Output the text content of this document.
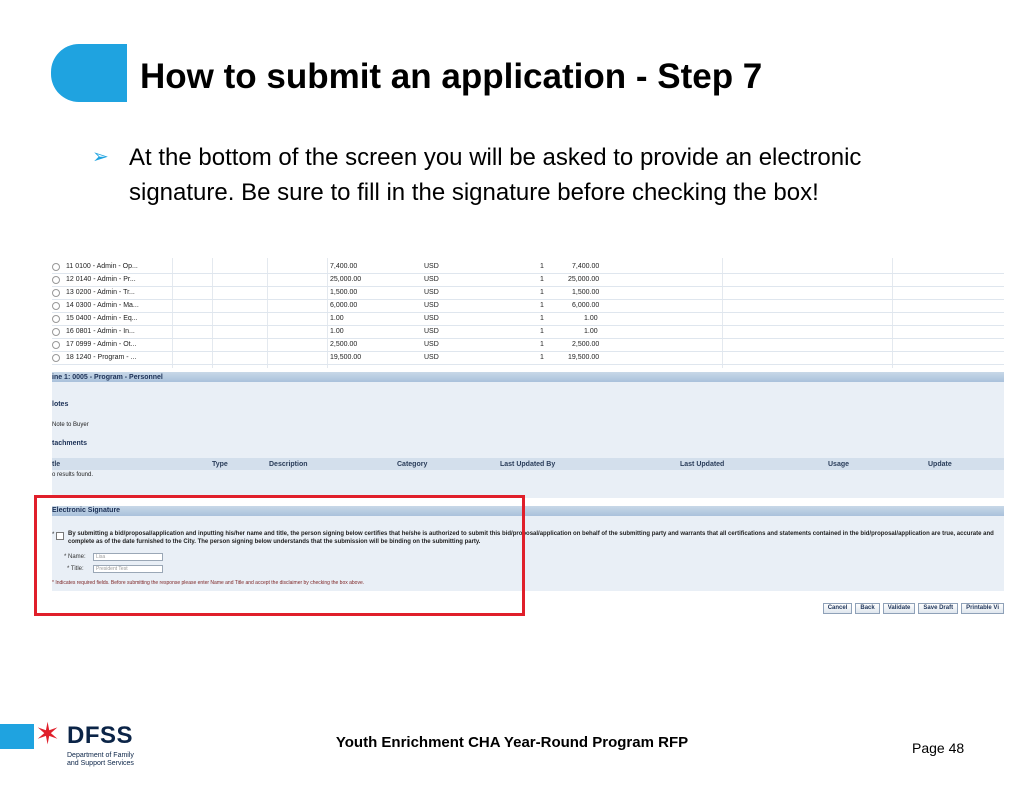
How to submit an application - Step 7
➢ At the bottom of the screen you will be asked to provide an electronic signature. Be sure to fill in the signature before checking the box!
11 0100 - Admin - Op...	7,400.00	USD	1	7,400.00
12 0140 - Admin - Pr...	25,000.00	USD	1	25,000.00
13 0200 - Admin - Tr...	1,500.00	USD	1	1,500.00
14 0300 - Admin - Ma...	6,000.00	USD	1	6,000.00
15 0400 - Admin - Eq...	1.00	USD	1	1.00
16 0801 - Admin - In...	1.00	USD	1	1.00
17 0999 - Admin - Ot...	2,500.00	USD	1	2,500.00
18 1240 - Program - ...	19,500.00	USD	1	19,500.00
ine 1: 0005 - Program - Personnel
lotes
Note to Buyer
tachments
tle	Type	Description	Category	Last Updated By	Last Updated	Usage	Update
o results found.
Electronic Signature
* By submitting a bid/proposal/application and inputting his/her name and title, the person signing below certifies that he/she is authorized to submit this bid/proposal/application on behalf of the submitting party and warrants that all certifications and statements contained in the bid/proposal/application are true, accurate and complete as of the date furnished to the City. The person signing below understands that the submission will be binding on the submitting party.
* Name:	Lisa
* Title:	President Test
* Indicates required fields. Before submitting the response please enter Name and Title and accept the disclaimer by checking the box above.
Cancel Back Validate Save Draft Printable Vi
✶ DFSS
Department of Family and Support Services
Youth Enrichment CHA Year-Round Program RFP	Page 48
